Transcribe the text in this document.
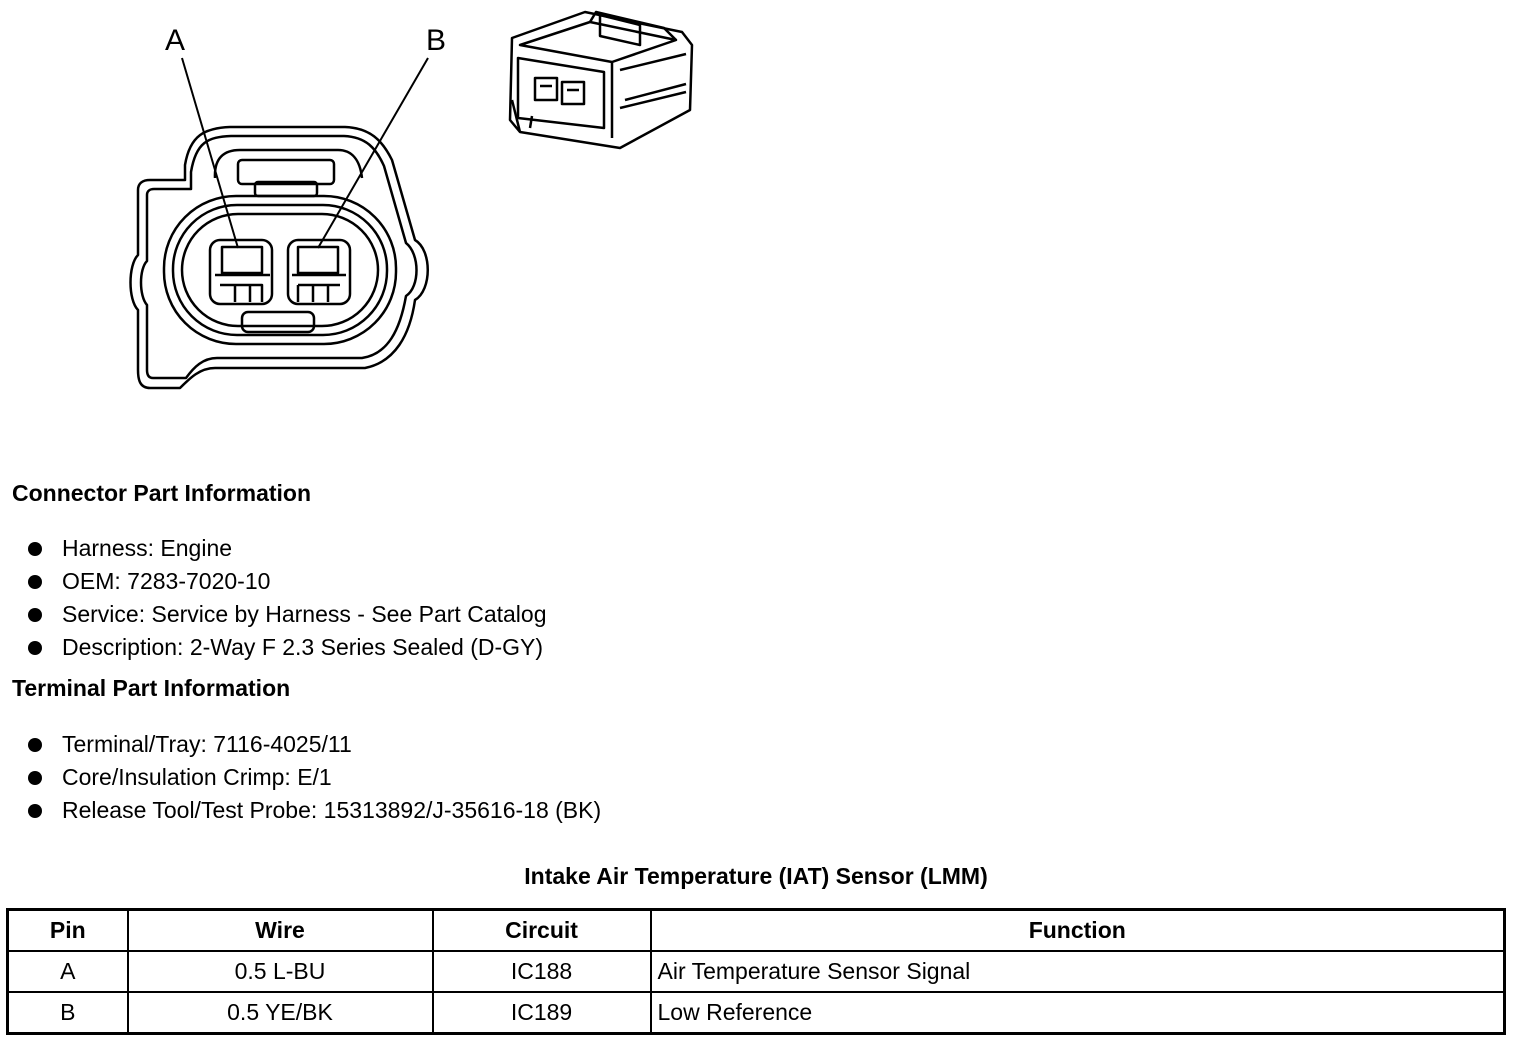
A	B
Connector Part Information
Harness: Engine
OEM: 7283-7020-10
Service: Service by Harness - See Part Catalog
Description: 2-Way F 2.3 Series Sealed (D-GY)
Terminal Part Information
Terminal/Tray: 7116-4025/11
Core/Insulation Crimp: E/1
Release Tool/Test Probe: 15313892/J-35616-18 (BK)
Intake Air Temperature (IAT) Sensor (LMM)
Pin	Wire	Circuit	Function
A	0.5 L-BU	IC188	Air Temperature Sensor Signal
B	0.5 YE/BK	IC189	Low Reference
